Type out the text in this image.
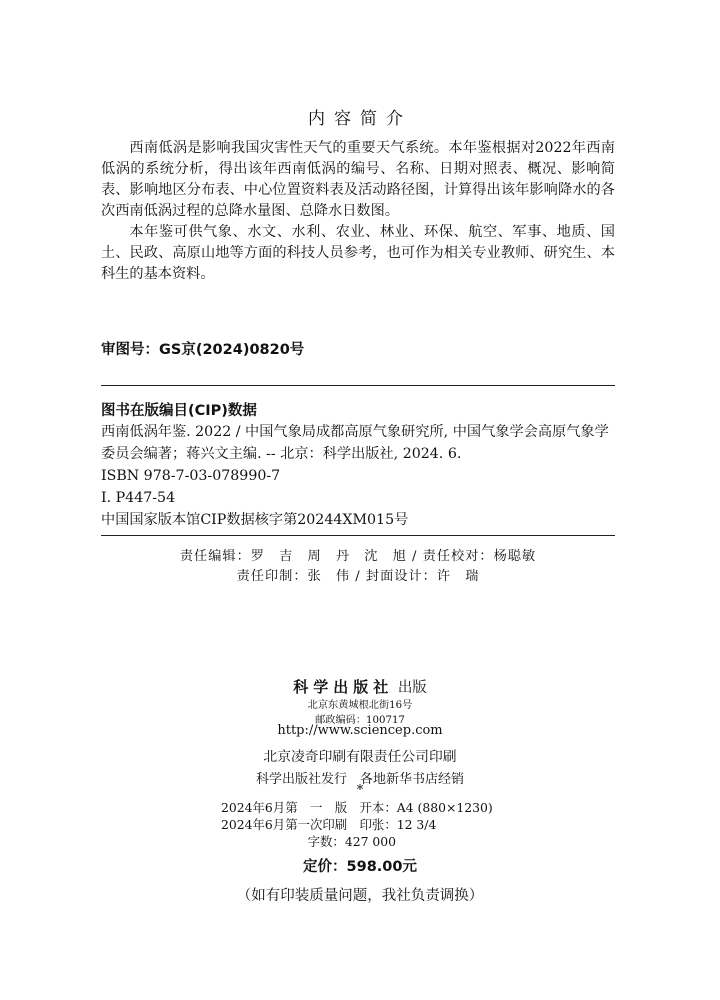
内容简介

西南低涡是影响我国灾害性天气的重要天气系统。本年鉴根据对2022年西南低涡的系统分析，得出该年西南低涡的编号、名称、日期对照表、概况、影响简表、影响地区分布表、中心位置资料表及活动路径图，计算得出该年影响降水的各次西南低涡过程的总降水量图、总降水日数图。

本年鉴可供气象、水文、水利、农业、林业、环保、航空、军事、地质、国土、民政、高原山地等方面的科技人员参考，也可作为相关专业教师、研究生、本科生的基本资料。

审图号：GS京(2024)0820号
图书在版编目(CIP)数据
西南低涡年鉴. 2022 / 中国气象局成都高原气象研究所, 中国气象学会高原气象学委员会编著；蒋兴文主编. -- 北京：科学出版社, 2024. 6.
ISBN 978-7-03-078990-7
Ⅰ. P447-54
中国国家版本馆CIP数据核字第20244XM015号
责任编辑：罗　吉　周　丹　沈　旭 / 责任校对：杨聪敏
责任印制：张　伟 / 封面设计：许　瑞
科学出版社 出版
北京东黄城根北街16号
邮政编码：100717
http://www.sciencep.com
北京凌奇印刷有限责任公司印刷
科学出版社发行　各地新华书店经销
*
2024年6月第　一　版　开本：A4 (880×1230)
2024年6月第一次印刷　印张：12 3/4
字数：427 000
定价：598.00元
（如有印装质量问题，我社负责调换）
